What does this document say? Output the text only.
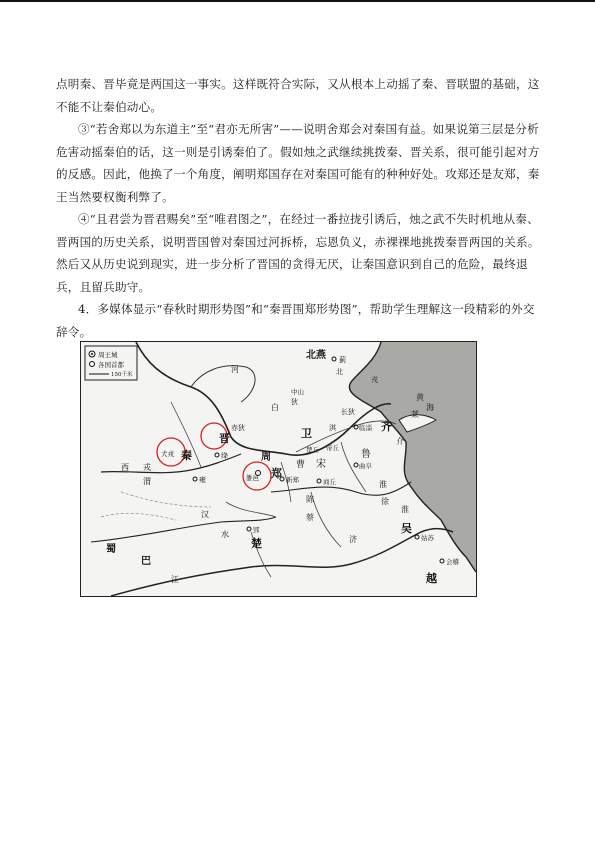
点明秦、晋毕竟是两国这一事实。这样既符合实际，又从根本上动摇了秦、晋联盟的基础，这不能不让秦伯动心。

③“若舍郑以为东道主”至“君亦无所害”——说明舍郑会对秦国有益。如果说第三层是分析危害动摇秦伯的话，这一则是引诱秦伯了。假如烛之武继续挑拨秦、晋关系，很可能引起对方的反感。因此，他换了一个角度，阐明郑国存在对秦国可能有的种种好处。攻郑还是友郑，秦王当然要权衡利弊了。

④“且君尝为晋君赐矣”至“唯君图之”，在经过一番拉拢引诱后，烛之武不失时机地从秦、晋两国的历史关系，说明晋国曾对秦国过河拆桥，忘恩负义，赤裸裸地挑拨秦晋两国的关系。然后又从历史说到现实，进一步分析了晋国的贪得无厌，让秦国意识到自己的危险，最终退兵，且留兵助守。

4．多媒体显示“春秋时期形势图”和“秦晋围郑形势图”，帮助学生理解这一段精彩的外交辞令。

周王城
各国首都
150千米
北燕 蓟
河	北
戎
白
狄
赤狄
长狄
晋
绛
卫
楚丘 帝丘
临淄 齐
介
莱
鲁
曲阜
秦
犬戎
西 戎
雍
渭
周
雒邑 郑 新郑
宋
商丘
曹
陈
蔡
淮
徐
吴
姑苏
越
会稽
蜀
巴
楚
郢
江
汉
水
济
黄
海
淮
淇
中山
